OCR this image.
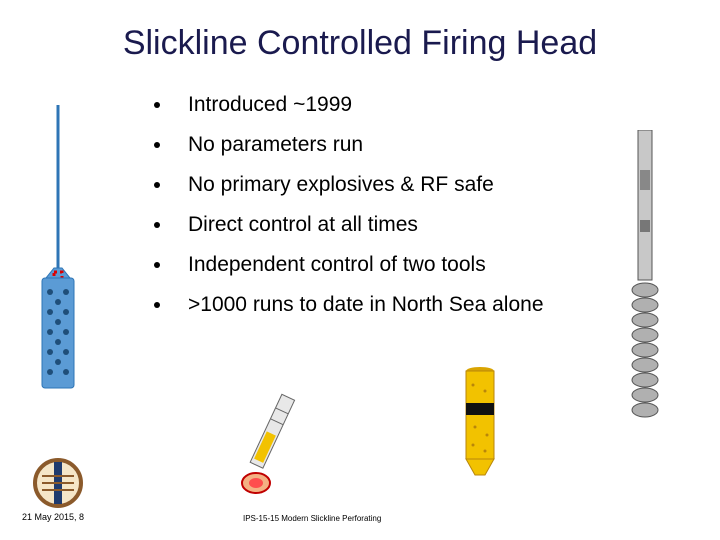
Slickline Controlled Firing Head
Introduced ~1999
No parameters run
No primary explosives & RF safe
Direct control at all times
Independent control of two tools
>1000 runs to date in North Sea alone
21 May 2015, 8	IPS-15-15 Modern Slickline Perforating
